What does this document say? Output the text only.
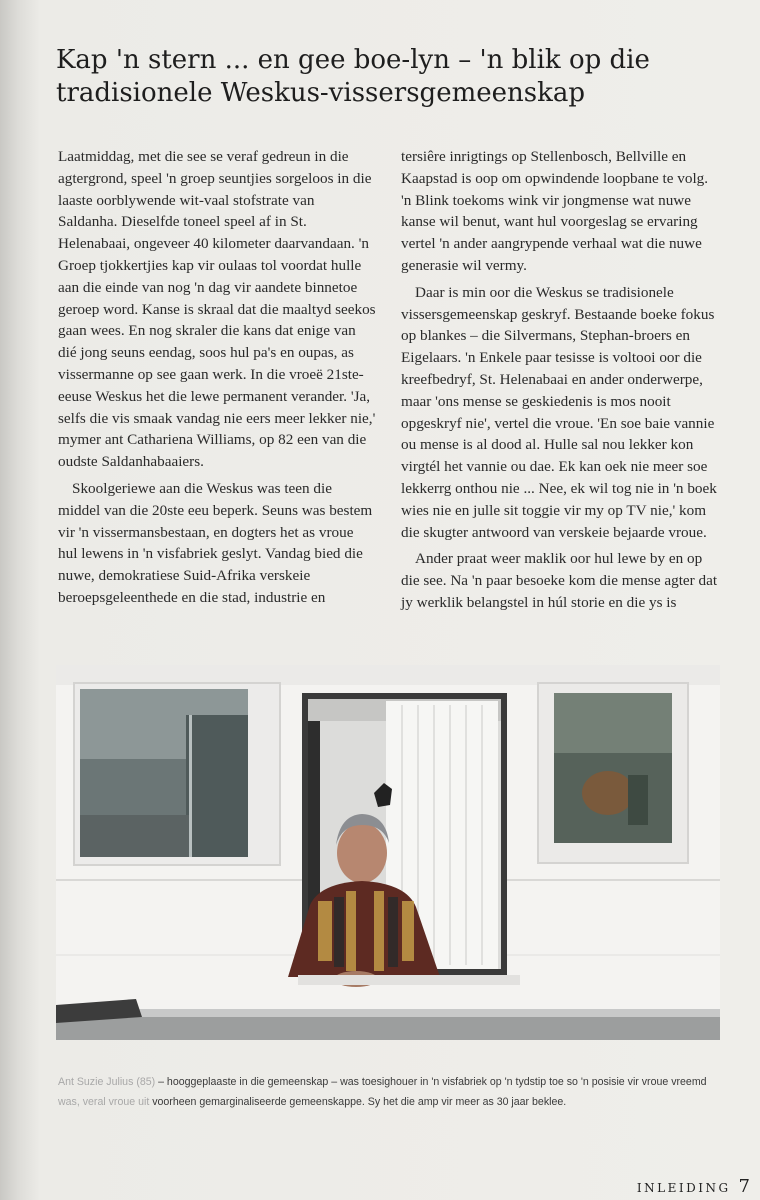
Kap 'n stern ... en gee boe-lyn – 'n blik op die
tradisionele Weskus-vissersgemeenskap

Laatmiddag, met die see se veraf gedreun in die agtergrond, speel 'n groep seuntjies sorgeloos in die laaste oorblywende wit-vaal stofstrate van Saldanha. Dieselfde toneel speel af in St. Helenabaai, ongeveer 40 kilometer daarvandaan. 'n Groep tjokkertjies kap vir oulaas tol voordat hulle aan die einde van nog 'n dag vir aandete binnetoe geroep word. Kanse is skraal dat die maaltyd seekos gaan wees. En nog skraler die kans dat enige van dié jong seuns eendag, soos hul pa's en oupas, as vissermanne op see gaan werk. In die vroeë 21ste-eeuse Weskus het die lewe permanent verander. 'Ja, selfs die vis smaak vandag nie eers meer lekker nie,' mymer ant Cathariena Williams, op 82 een van die oudste Saldanhabaaiers.

Skoolgeriewe aan die Weskus was teen die middel van die 20ste eeu beperk. Seuns was bestem vir 'n vissermansbestaan, en dogters het as vroue hul lewens in 'n visfabriek geslyt. Vandag bied die nuwe, demokratiese Suid-Afrika verskeie beroepsgeleenthede en die stad, industrie en

tersiêre inrigtings op Stellenbosch, Bellville en Kaapstad is oop om opwindende loopbane te volg. 'n Blink toekoms wink vir jongmense wat nuwe kanse wil benut, want hul voorgeslag se ervaring vertel 'n ander aangrypende verhaal wat die nuwe generasie wil vermy.

Daar is min oor die Weskus se tradisionele vissersgemeenskap geskryf. Bestaande boeke fokus op blankes – die Silvermans, Stephan-broers en Eigelaars. 'n Enkele paar tesisse is voltooi oor die kreefbedryf, St. Helenabaai en ander onderwerpe, maar 'ons mense se geskiedenis is mos nooit opgeskryf nie', vertel die vroue. 'En soe baie vannie ou mense is al dood al. Hulle sal nou lekker kon virgtél het vannie ou dae. Ek kan oek nie meer soe lekkerrg onthou nie ... Nee, ek wil tog nie in 'n boek wies nie en julle sit toggie vir my op TV nie,' kom die skugter antwoord van verskeie bejaarde vroue.

Ander praat weer maklik oor hul lewe by en op die see. Na 'n paar besoeke kom die mense agter dat jy werklik belangstel in húl storie en die ys is

Ant Suzie Julius (85) – hooggeplaaste in die gemeenskap – was toesighouer in 'n visfabriek op 'n tydstip toe so 'n posisie vir vroue vreemd
was, veral vroue uit voorheen gemarginaliseerde gemeenskappe. Sy het die amp vir meer as 30 jaar beklee.
INLEIDING 7
